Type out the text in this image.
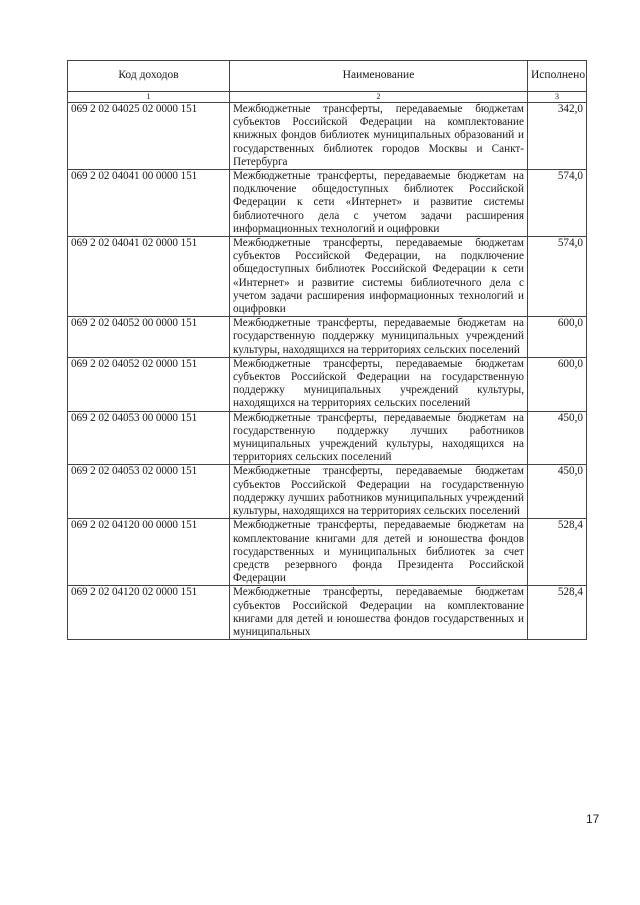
Код доходов	Наименование	Исполнено
1	2	3
069 2 02 04025 02 0000 151	Межбюджетные трансферты, передаваемые бюджетам субъектов Российской Федерации на комплектование книжных фондов библиотек муниципальных образований и государственных библиотек городов Москвы и Санкт-Петербурга	342,0
069 2 02 04041 00 0000 151	Межбюджетные трансферты, передаваемые бюджетам на подключение общедоступных библиотек Российской Федерации к сети «Интернет» и развитие системы библиотечного дела с учетом задачи расширения информационных технологий и оцифровки	574,0
069 2 02 04041 02 0000 151	Межбюджетные трансферты, передаваемые бюджетам субъектов Российской Федерации, на подключение общедоступных библиотек Российской Федерации к сети «Интернет» и развитие системы библиотечного дела с учетом задачи расширения информационных технологий и оцифровки	574,0
069 2 02 04052 00 0000 151	Межбюджетные трансферты, передаваемые бюджетам на государственную поддержку муниципальных учреждений культуры, находящихся на территориях сельских поселений	600,0
069 2 02 04052 02 0000 151	Межбюджетные трансферты, передаваемые бюджетам субъектов Российской Федерации на государственную поддержку муниципальных учреждений культуры, находящихся на территориях сельских поселений	600,0
069 2 02 04053 00 0000 151	Межбюджетные трансферты, передаваемые бюджетам на государственную поддержку лучших работников муниципальных учреждений культуры, находящихся на территориях сельских поселений	450,0
069 2 02 04053 02 0000 151	Межбюджетные трансферты, передаваемые бюджетам субъектов Российской Федерации на государственную поддержку лучших работников муниципальных учреждений культуры, находящихся на территориях сельских поселений	450,0
069 2 02 04120 00 0000 151	Межбюджетные трансферты, передаваемые бюджетам на комплектование книгами для детей и юношества фондов государственных и муниципальных библиотек за счет средств резервного фонда Президента Российской Федерации	528,4
069 2 02 04120 02 0000 151	Межбюджетные трансферты, передаваемые бюджетам субъектов Российской Федерации на комплектование книгами для детей и юношества фондов государственных и муниципальных	528,4
17
